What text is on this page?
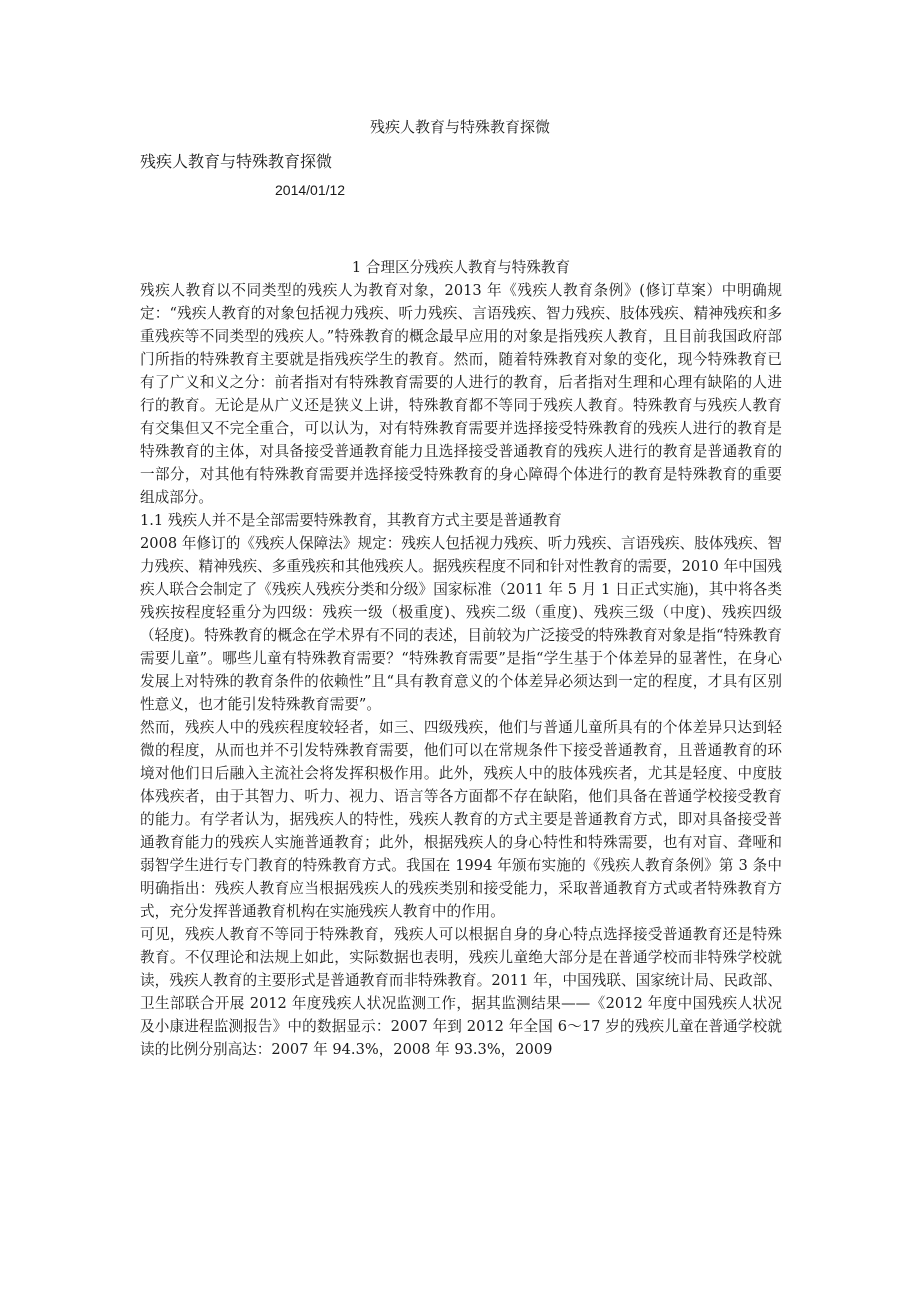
残疾人教育与特殊教育探微
残疾人教育与特殊教育探微
2014/01/12

1 合理区分残疾人教育与特殊教育

残疾人教育以不同类型的残疾人为教育对象，2013 年《残疾人教育条例》(修订草案）中明确规定：“残疾人教育的对象包括视力残疾、听力残疾、言语残疾、智力残疾、肢体残疾、精神残疾和多重残疾等不同类型的残疾人。”特殊教育的概念最早应用的对象是指残疾人教育，且目前我国政府部门所指的特殊教育主要就是指残疾学生的教育。然而，随着特殊教育对象的变化，现今特殊教育已有了广义和义之分：前者指对有特殊教育需要的人进行的教育，后者指对生理和心理有缺陷的人进行的教育。无论是从广义还是狭义上讲，特殊教育都不等同于残疾人教育。特殊教育与残疾人教育有交集但又不完全重合，可以认为，对有特殊教育需要并选择接受特殊教育的残疾人进行的教育是特殊教育的主体，对具备接受普通教育能力且选择接受普通教育的残疾人进行的教育是普通教育的一部分，对其他有特殊教育需要并选择接受特殊教育的身心障碍个体进行的教育是特殊教育的重要组成部分。

1.1 残疾人并不是全部需要特殊教育，其教育方式主要是普通教育

2008 年修订的《残疾人保障法》规定：残疾人包括视力残疾、听力残疾、言语残疾、肢体残疾、智力残疾、精神残疾、多重残疾和其他残疾人。据残疾程度不同和针对性教育的需要，2010 年中国残疾人联合会制定了《残疾人残疾分类和分级》国家标准（2011 年 5 月 1 日正式实施)，其中将各类残疾按程度轻重分为四级：残疾一级（极重度)、残疾二级（重度)、残疾三级（中度)、残疾四级（轻度)。特殊教育的概念在学术界有不同的表述，目前较为广泛接受的特殊教育对象是指“特殊教育需要儿童”。哪些儿童有特殊教育需要？“特殊教育需要”是指“学生基于个体差异的显著性，在身心发展上对特殊的教育条件的依赖性”且“具有教育意义的个体差异必须达到一定的程度，才具有区别性意义，也才能引发特殊教育需要”。

然而，残疾人中的残疾程度较轻者，如三、四级残疾，他们与普通儿童所具有的个体差异只达到轻微的程度，从而也并不引发特殊教育需要，他们可以在常规条件下接受普通教育，且普通教育的环境对他们日后融入主流社会将发挥积极作用。此外，残疾人中的肢体残疾者，尤其是轻度、中度肢体残疾者，由于其智力、听力、视力、语言等各方面都不存在缺陷，他们具备在普通学校接受教育的能力。有学者认为，据残疾人的特性，残疾人教育的方式主要是普通教育方式，即对具备接受普通教育能力的残疾人实施普通教育；此外，根据残疾人的身心特性和特殊需要，也有对盲、聋哑和弱智学生进行专门教育的特殊教育方式。我国在 1994 年颁布实施的《残疾人教育条例》第 3 条中明确指出：残疾人教育应当根据残疾人的残疾类别和接受能力，采取普通教育方式或者特殊教育方式，充分发挥普通教育机构在实施残疾人教育中的作用。

可见，残疾人教育不等同于特殊教育，残疾人可以根据自身的身心特点选择接受普通教育还是特殊教育。不仅理论和法规上如此，实际数据也表明，残疾儿童绝大部分是在普通学校而非特殊学校就读，残疾人教育的主要形式是普通教育而非特殊教育。2011 年，中国残联、国家统计局、民政部、卫生部联合开展 2012 年度残疾人状况监测工作，据其监测结果——《2012 年度中国残疾人状况及小康进程监测报告》中的数据显示：2007 年到 2012 年全国 6～17 岁的残疾儿童在普通学校就读的比例分别高达：2007 年 94.3%，2008 年 93.3%，2009
